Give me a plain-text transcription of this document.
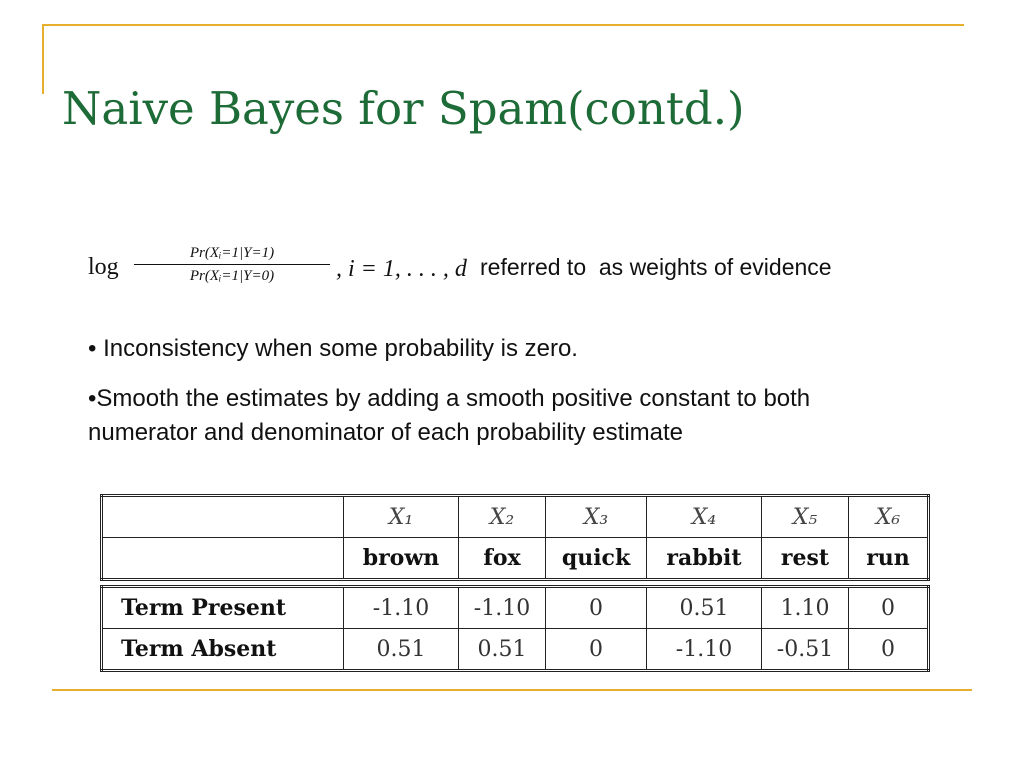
Naive Bayes for Spam(contd.)
log
Pr(Xᵢ=1|Y=1)
Pr(Xᵢ=1|Y=0)	, i = 1, . . . , d referred to  as weights of evidence

• Inconsistency when some probability is zero.

•Smooth the estimates by adding a smooth positive constant to both numerator and denominator of each probability estimate

	X₁	X₂	X₃	X₄	X₅	X₆
	brown	fox	quick	rabbit	rest	run
Term Present	-1.10	-1.10	0	0.51	1.10	0
Term Absent	0.51	0.51	0	-1.10	-0.51	0
